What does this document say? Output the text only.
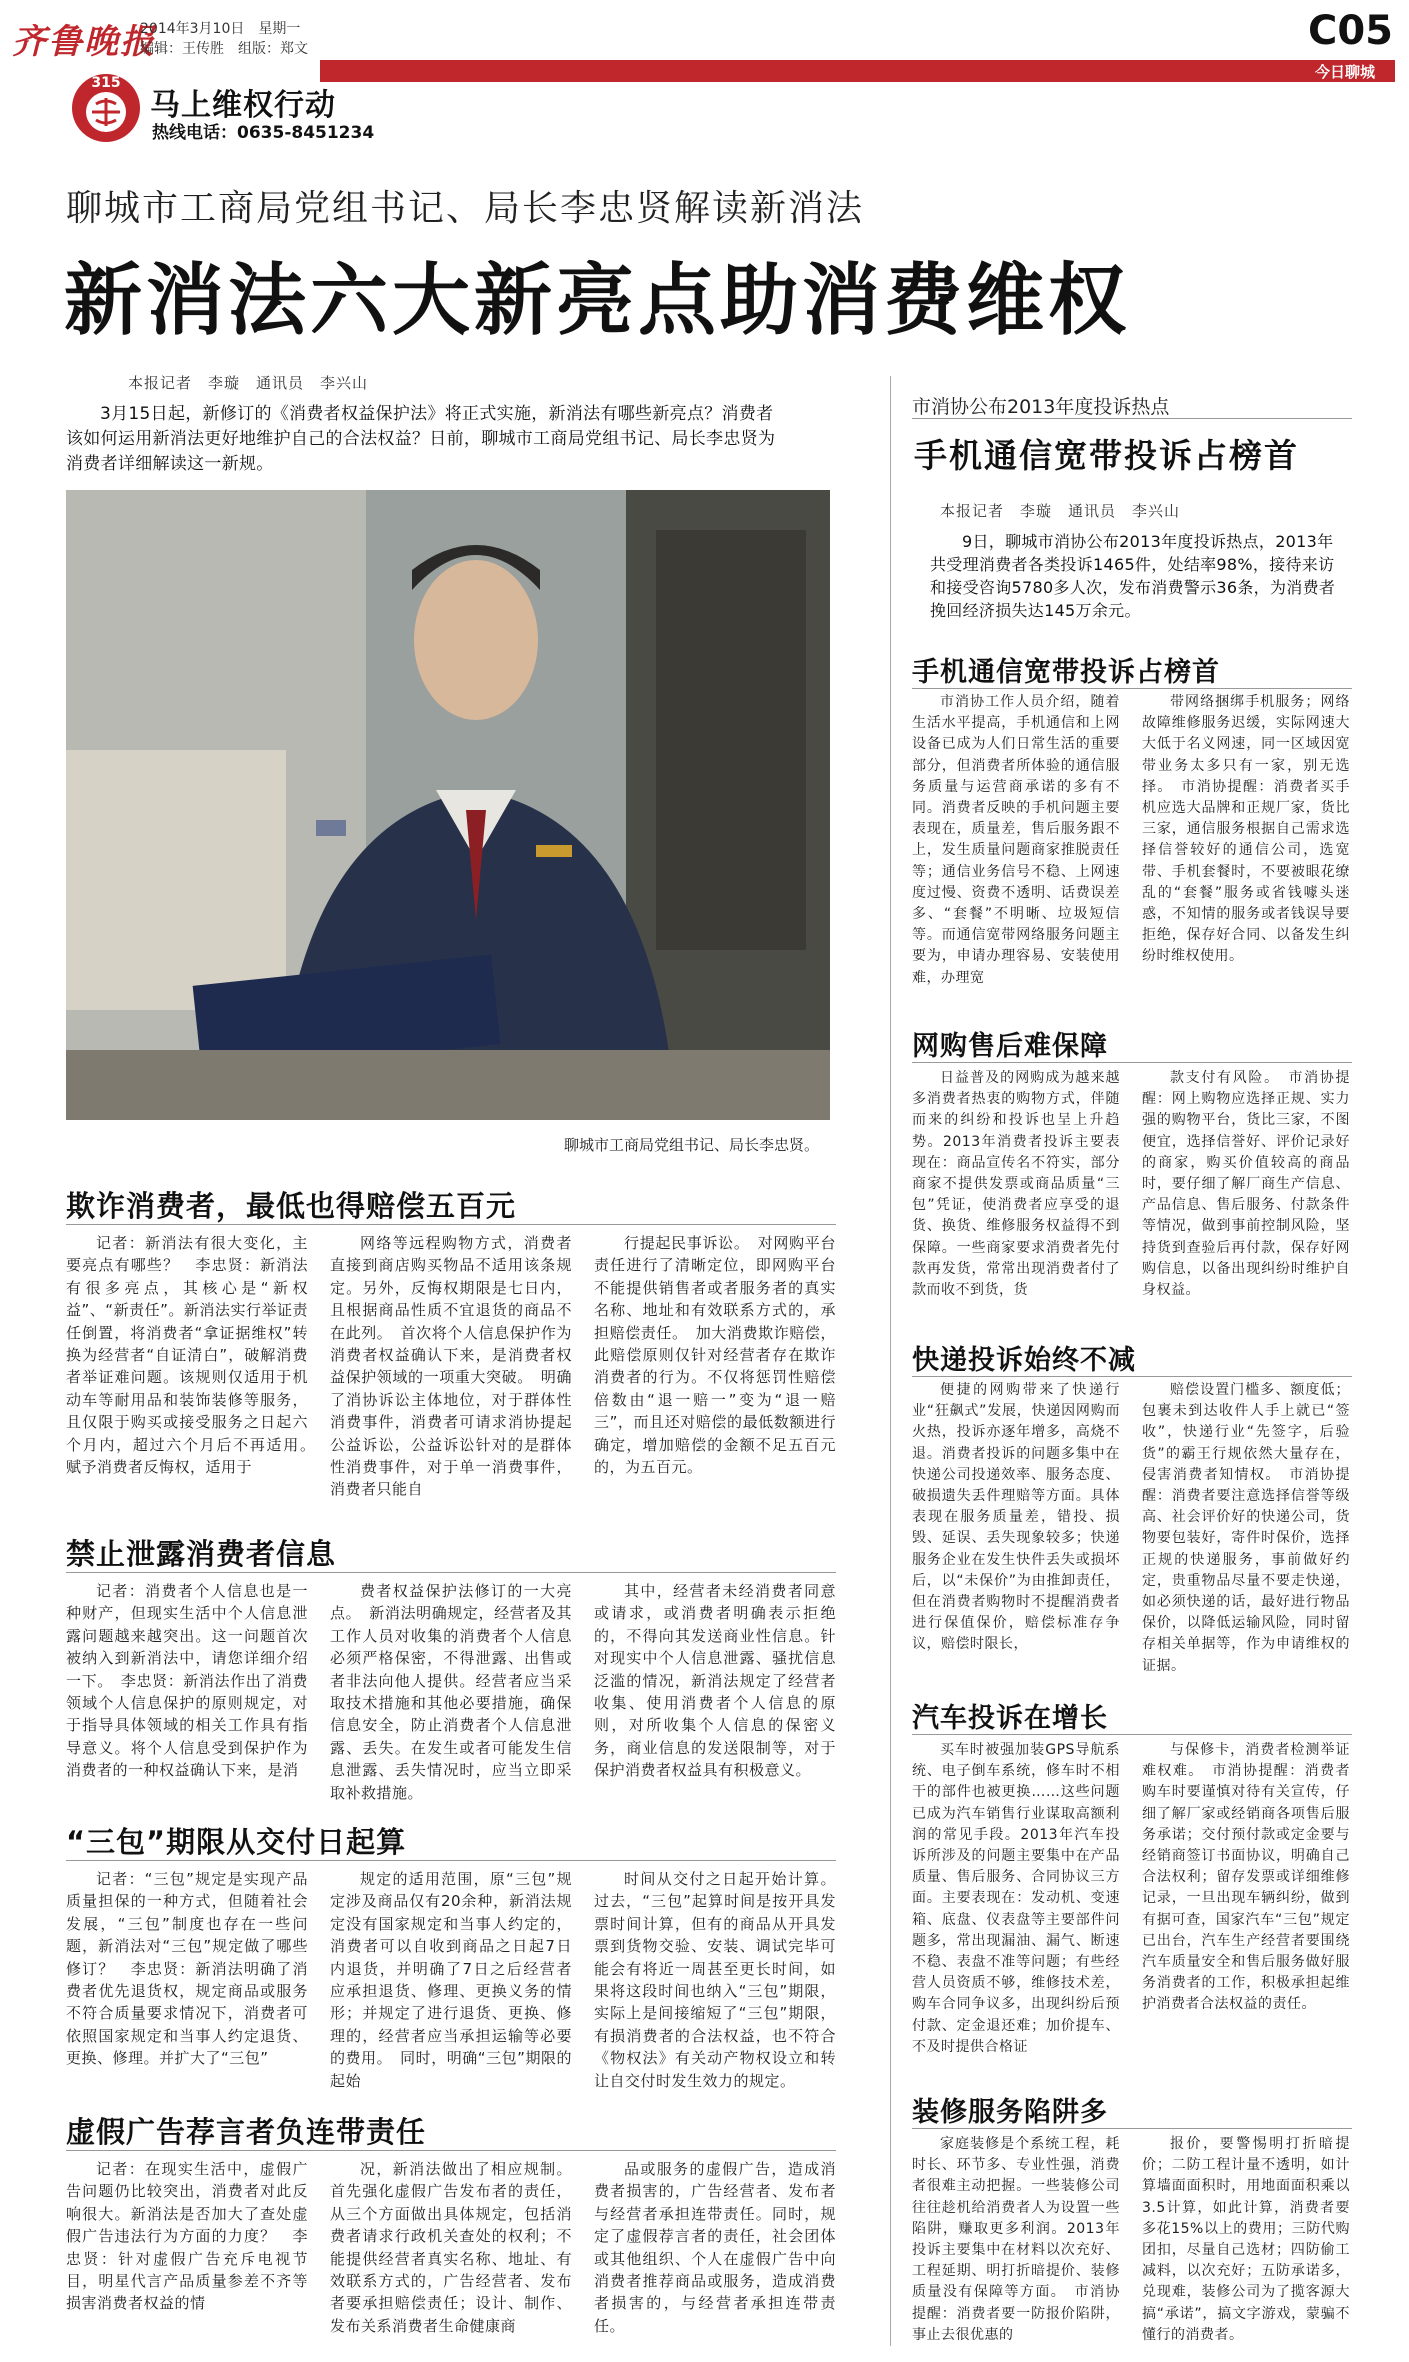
齐鲁晚报
2014年3月10日　星期一
编辑：王传胜　组版：郑文	C05
今日聊城
315
马上维权行动
热线电话：0635-8451234
聊城市工商局党组书记、局长李忠贤解读新消法
新消法六大新亮点助消费维权
本报记者　李璇　通讯员　李兴山
3月15日起，新修订的《消费者权益保护法》将正式实施，新消法有哪些新亮点？消费者该如何运用新消法更好地维护自己的合法权益？日前，聊城市工商局党组书记、局长李忠贤为消费者详细解读这一新规。
聊城市工商局党组书记、局长李忠贤。
欺诈消费者，最低也得赔偿五百元

记者：新消法有很大变化，主要亮点有哪些？　李忠贤：新消法有很多亮点，其核心是“新权益”、“新责任”。新消法实行举证责任倒置，将消费者“拿证据维权”转换为经营者“自证清白”，破解消费者举证难问题。该规则仅适用于机动车等耐用品和装饰装修等服务，且仅限于购买或接受服务之日起六个月内，超过六个月后不再适用。　赋予消费者反悔权，适用于

网络等远程购物方式，消费者直接到商店购买物品不适用该条规定。另外，反悔权期限是七日内，且根据商品性质不宜退货的商品不在此列。　首次将个人信息保护作为消费者权益确认下来，是消费者权益保护领域的一项重大突破。　明确了消协诉讼主体地位，对于群体性消费事件，消费者可请求消协提起公益诉讼，公益诉讼针对的是群体性消费事件，对于单一消费事件，消费者只能自

行提起民事诉讼。　对网购平台责任进行了清晰定位，即网购平台不能提供销售者或者服务者的真实名称、地址和有效联系方式的，承担赔偿责任。　加大消费欺诈赔偿，此赔偿原则仅针对经营者存在欺诈消费者的行为。不仅将惩罚性赔偿倍数由“退一赔一”变为“退一赔三”，而且还对赔偿的最低数额进行确定，增加赔偿的金额不足五百元的，为五百元。

禁止泄露消费者信息

记者：消费者个人信息也是一种财产，但现实生活中个人信息泄露问题越来越突出。这一问题首次被纳入到新消法中，请您详细介绍一下。　李忠贤：新消法作出了消费领域个人信息保护的原则规定，对于指导具体领域的相关工作具有指导意义。将个人信息受到保护作为消费者的一种权益确认下来，是消

费者权益保护法修订的一大亮点。　新消法明确规定，经营者及其工作人员对收集的消费者个人信息必须严格保密，不得泄露、出售或者非法向他人提供。经营者应当采取技术措施和其他必要措施，确保信息安全，防止消费者个人信息泄露、丢失。在发生或者可能发生信息泄露、丢失情况时，应当立即采取补救措施。

其中，经营者未经消费者同意或请求，或消费者明确表示拒绝的，不得向其发送商业性信息。针对现实中个人信息泄露、骚扰信息泛滥的情况，新消法规定了经营者收集、使用消费者个人信息的原则，对所收集个人信息的保密义务，商业信息的发送限制等，对于保护消费者权益具有积极意义。

“三包”期限从交付日起算

记者：“三包”规定是实现产品质量担保的一种方式，但随着社会发展，“三包”制度也存在一些问题，新消法对“三包”规定做了哪些修订？　李忠贤：新消法明确了消费者优先退货权，规定商品或服务不符合质量要求情况下，消费者可依照国家规定和当事人约定退货、更换、修理。并扩大了“三包”

规定的适用范围，原“三包”规定涉及商品仅有20余种，新消法规定没有国家规定和当事人约定的，消费者可以自收到商品之日起7日内退货，并明确了7日之后经营者应承担退货、修理、更换义务的情形；并规定了进行退货、更换、修理的，经营者应当承担运输等必要的费用。　同时，明确“三包”期限的起始

时间从交付之日起开始计算。过去，“三包”起算时间是按开具发票时间计算，但有的商品从开具发票到货物交验、安装、调试完毕可能会有将近一周甚至更长时间，如果将这段时间也纳入“三包”期限，实际上是间接缩短了“三包”期限，有损消费者的合法权益，也不符合《物权法》有关动产物权设立和转让自交付时发生效力的规定。

虚假广告荐言者负连带责任

记者：在现实生活中，虚假广告问题仍比较突出，消费者对此反响很大。新消法是否加大了查处虚假广告违法行为方面的力度？　李忠贤：针对虚假广告充斥电视节目，明星代言产品质量参差不齐等损害消费者权益的情

况，新消法做出了相应规制。首先强化虚假广告发布者的责任，从三个方面做出具体规定，包括消费者请求行政机关查处的权利；不能提供经营者真实名称、地址、有效联系方式的，广告经营者、发布者要承担赔偿责任；设计、制作、发布关系消费者生命健康商

品或服务的虚假广告，造成消费者损害的，广告经营者、发布者与经营者承担连带责任。同时，规定了虚假荐言者的责任，社会团体或其他组织、个人在虚假广告中向消费者推荐商品或服务，造成消费者损害的，与经营者承担连带责任。

市消协公布2013年度投诉热点
手机通信宽带投诉占榜首
本报记者　李璇　通讯员　李兴山
9日，聊城市消协公布2013年度投诉热点，2013年共受理消费者各类投诉1465件，处结率98%，接待来访和接受咨询5780多人次，发布消费警示36条，为消费者挽回经济损失达145万余元。
手机通信宽带投诉占榜首

市消协工作人员介绍，随着生活水平提高，手机通信和上网设备已成为人们日常生活的重要部分，但消费者所体验的通信服务质量与运营商承诺的多有不同。消费者反映的手机问题主要表现在，质量差，售后服务跟不上，发生质量问题商家推脱责任等；通信业务信号不稳、上网速度过慢、资费不透明、话费误差多、“套餐”不明晰、垃圾短信等。而通信宽带网络服务问题主要为，申请办理容易、安装使用难，办理宽

带网络捆绑手机服务；网络故障维修服务迟缓，实际网速大大低于名义网速，同一区域因宽带业务太多只有一家，别无选择。　市消协提醒：消费者买手机应选大品牌和正规厂家，货比三家，通信服务根据自己需求选择信誉较好的通信公司，选宽带、手机套餐时，不要被眼花缭乱的“套餐”服务或省钱噱头迷惑，不知情的服务或者钱误导要拒绝，保存好合同、以备发生纠纷时维权使用。

网购售后难保障

日益普及的网购成为越来越多消费者热衷的购物方式，伴随而来的纠纷和投诉也呈上升趋势。2013年消费者投诉主要表现在：商品宣传名不符实，部分商家不提供发票或商品质量“三包”凭证，使消费者应享受的退货、换货、维修服务权益得不到保障。一些商家要求消费者先付款再发货，常常出现消费者付了款而收不到货，货

款支付有风险。　市消协提醒：网上购物应选择正规、实力强的购物平台，货比三家，不图便宜，选择信誉好、评价记录好的商家，购买价值较高的商品时，要仔细了解厂商生产信息、产品信息、售后服务、付款条件等情况，做到事前控制风险，坚持货到查验后再付款，保存好网购信息，以备出现纠纷时维护自身权益。

快递投诉始终不减

便捷的网购带来了快递行业“狂飙式”发展，快递因网购而火热，投诉亦逐年增多，高烧不退。消费者投诉的问题多集中在快递公司投递效率、服务态度、破损遗失丢件理赔等方面。具体表现在服务质量差，错投、损毁、延误、丢失现象较多；快递服务企业在发生快件丢失或损坏后，以“未保价”为由推卸责任，但在消费者购物时不提醒消费者进行保值保价，赔偿标准存争议，赔偿时限长，

赔偿设置门槛多、额度低；包裹未到达收件人手上就已“签收”，快递行业“先签字，后验货”的霸王行规依然大量存在，侵害消费者知情权。　市消协提醒：消费者要注意选择信誉等级高、社会评价好的快递公司，货物要包装好，寄件时保价，选择正规的快递服务，事前做好约定，贵重物品尽量不要走快递，如必须快递的话，最好进行物品保价，以降低运输风险，同时留存相关单据等，作为申请维权的证据。

汽车投诉在增长

买车时被强加装GPS导航系统、电子倒车系统，修车时不相干的部件也被更换……这些问题已成为汽车销售行业谋取高额利润的常见手段。2013年汽车投诉所涉及的问题主要集中在产品质量、售后服务、合同协议三方面。主要表现在：发动机、变速箱、底盘、仪表盘等主要部件问题多，常出现漏油、漏气、断速不稳、表盘不准等问题；有些经营人员资质不够，维修技术差，购车合同争议多，出现纠纷后预付款、定金退还难；加价提车、不及时提供合格证

与保修卡，消费者检测举证难权难。　市消协提醒：消费者购车时要谨慎对待有关宣传，仔细了解厂家或经销商各项售后服务承诺；交付预付款或定金要与经销商签订书面协议，明确自己合法权利；留存发票或详细维修记录，一旦出现车辆纠纷，做到有据可查，国家汽车“三包”规定已出台，汽车生产经营者要围绕汽车质量安全和售后服务做好服务消费者的工作，积极承担起维护消费者合法权益的责任。

装修服务陷阱多

家庭装修是个系统工程，耗时长、环节多、专业性强，消费者很难主动把握。一些装修公司往往趁机给消费者人为设置一些陷阱，赚取更多利润。2013年投诉主要集中在材料以次充好、工程延期、明打折暗提价、装修质量没有保障等方面。　市消协提醒：消费者要一防报价陷阱，事止去很优惠的

报价，要警惕明打折暗提价；二防工程计量不透明，如计算墙面面积时，用地面面积乘以3.5计算，如此计算，消费者要多花15%以上的费用；三防代购团扣，尽量自己选材；四防偷工减料，以次充好；五防承诺多，兑现难，装修公司为了揽客源大搞“承诺”，搞文字游戏，蒙骗不懂行的消费者。
